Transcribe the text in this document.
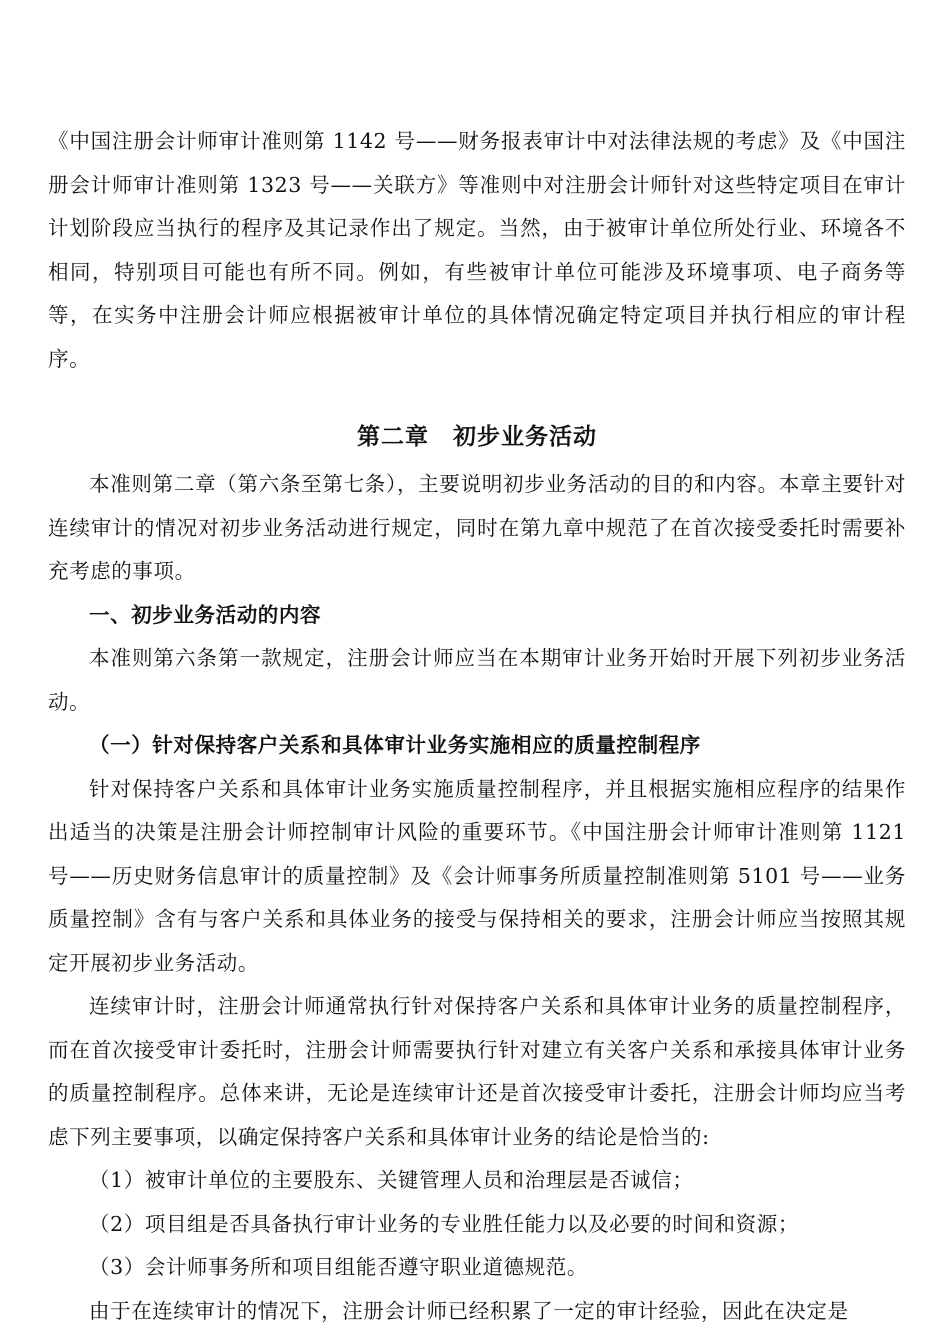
《中国注册会计师审计准则第 1142 号——财务报表审计中对法律法规的考虑》及《中国注册会计师审计准则第 1323 号——关联方》等准则中对注册会计师针对这些特定项目在审计计划阶段应当执行的程序及其记录作出了规定。当然，由于被审计单位所处行业、环境各不相同，特别项目可能也有所不同。例如，有些被审计单位可能涉及环境事项、电子商务等等，在实务中注册会计师应根据被审计单位的具体情况确定特定项目并执行相应的审计程序。

第二章　初步业务活动

本准则第二章（第六条至第七条），主要说明初步业务活动的目的和内容。本章主要针对连续审计的情况对初步业务活动进行规定，同时在第九章中规范了在首次接受委托时需要补充考虑的事项。

一、初步业务活动的内容

本准则第六条第一款规定，注册会计师应当在本期审计业务开始时开展下列初步业务活动。

（一）针对保持客户关系和具体审计业务实施相应的质量控制程序

针对保持客户关系和具体审计业务实施质量控制程序，并且根据实施相应程序的结果作出适当的决策是注册会计师控制审计风险的重要环节。《中国注册会计师审计准则第 1121 号——历史财务信息审计的质量控制》及《会计师事务所质量控制准则第 5101 号——业务质量控制》含有与客户关系和具体业务的接受与保持相关的要求，注册会计师应当按照其规定开展初步业务活动。

连续审计时，注册会计师通常执行针对保持客户关系和具体审计业务的质量控制程序，而在首次接受审计委托时，注册会计师需要执行针对建立有关客户关系和承接具体审计业务的质量控制程序。总体来讲，无论是连续审计还是首次接受审计委托，注册会计师均应当考虑下列主要事项，以确定保持客户关系和具体审计业务的结论是恰当的:

（1）被审计单位的主要股东、关键管理人员和治理层是否诚信；

（2）项目组是否具备执行审计业务的专业胜任能力以及必要的时间和资源；

（3）会计师事务所和项目组能否遵守职业道德规范。

由于在连续审计的情况下，注册会计师已经积累了一定的审计经验，因此在决定是
